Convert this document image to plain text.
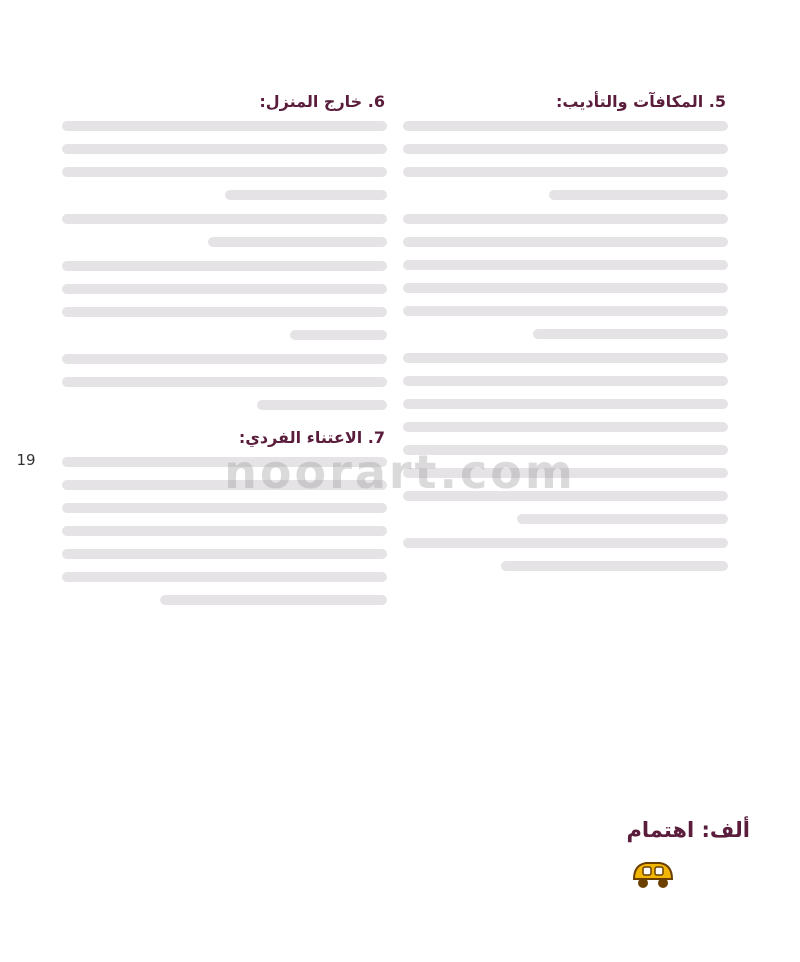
5. المكافآت والتأديب:
6. خارج المنزل:
7. الاعتناء الفردي:
19	noorart.com
ألف: اهتمام
